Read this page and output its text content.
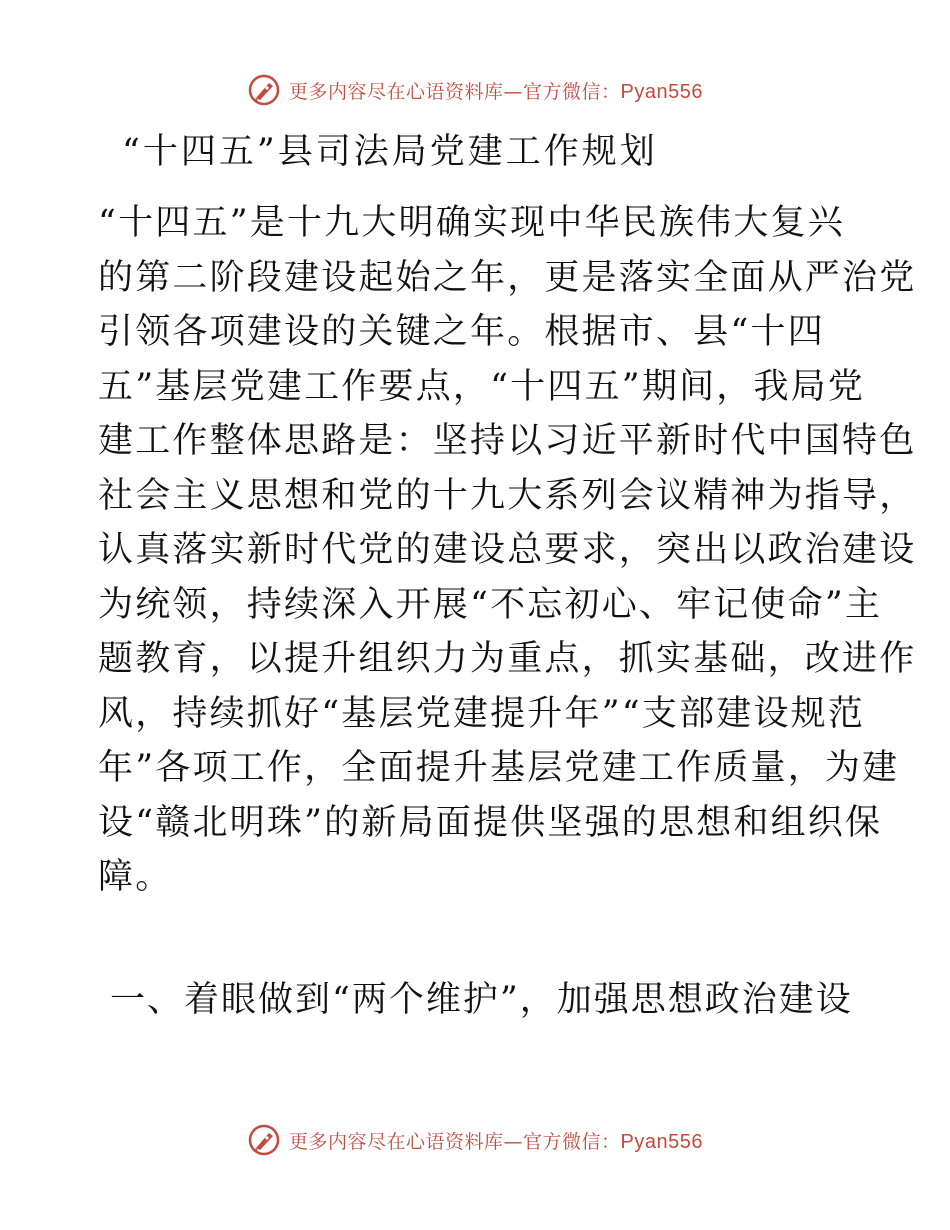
更多内容尽在心语资料库—官方微信：Pyan556
“十四五”县司法局党建工作规划

“十四五”是十九大明确实现中华民族伟大复兴
的第二阶段建设起始之年，更是落实全面从严治党
引领各项建设的关键之年。根据市、县“十四
五”基层党建工作要点，“十四五”期间，我局党
建工作整体思路是：坚持以习近平新时代中国特色
社会主义思想和党的十九大系列会议精神为指导，
认真落实新时代党的建设总要求，突出以政治建设
为统领，持续深入开展“不忘初心、牢记使命”主
题教育，以提升组织力为重点，抓实基础，改进作
风，持续抓好“基层党建提升年”“支部建设规范
年”各项工作，全面提升基层党建工作质量，为建
设“赣北明珠”的新局面提供坚强的思想和组织保
障。

一、着眼做到“两个维护”，加强思想政治建设
更多内容尽在心语资料库—官方微信：Pyan556
